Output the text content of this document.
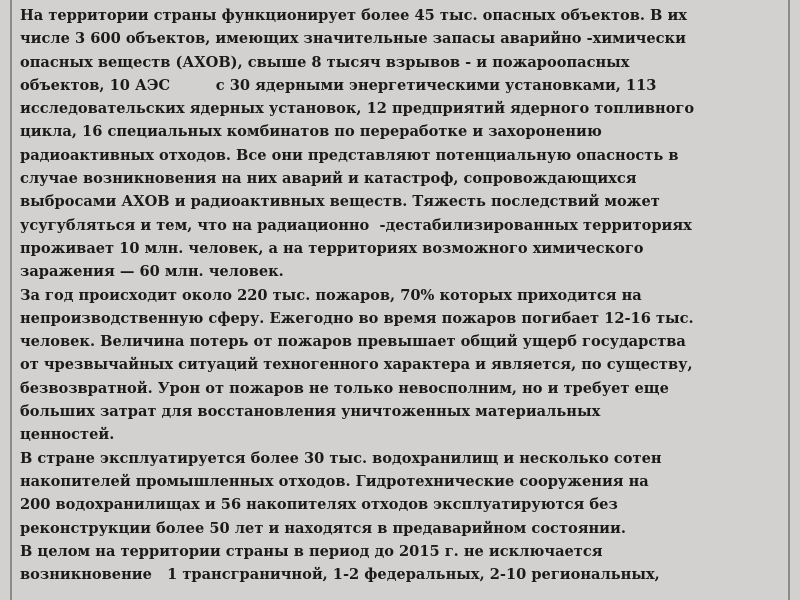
На территории страны функционирует более 45 тыс. опасных объектов. В их
числе 3 600 объектов, имеющих значительные запасы аварийно -химически
опасных веществ (АХОВ), свыше 8 тысяч взрывов - и пожароопасных
объектов, 10 АЭС         с 30 ядерными энергетическими установками, 113
исследовательских ядерных установок, 12 предприятий ядерного топливного
цикла, 16 специальных комбинатов по переработке и захоронению
радиоактивных отходов. Все они представляют потенциальную опасность в
случае возникновения на них аварий и катастроф, сопровождающихся
выбросами АХОВ и радиоактивных веществ. Тяжесть последствий может
усугубляться и тем, что на радиационно  -дестабилизированных территориях
проживает 10 млн. человек, а на территориях возможного химического
заражения — 60 млн. человек.
За год происходит около 220 тыс. пожаров, 70% которых приходится на
непроизводственную сферу. Ежегодно во время пожаров погибает 12-16 тыс.
человек. Величина потерь от пожаров превышает общий ущерб государства
от чрезвычайных ситуаций техногенного характера и является, по существу,
безвозвратной. Урон от пожаров не только невосполним, но и требует еще
больших затрат для восстановления уничтоженных материальных
ценностей.
В стране эксплуатируется более 30 тыс. водохранилищ и несколько сотен
накопителей промышленных отходов. Гидротехнические сооружения на
200 водохранилищах и 56 накопителях отходов эксплуатируются без
реконструкции более 50 лет и находятся в предаварийном состоянии.
В целом на территории страны в период до 2015 г. не исключается
возникновение   1 трансграничной, 1-2 федеральных, 2-10 региональных,
